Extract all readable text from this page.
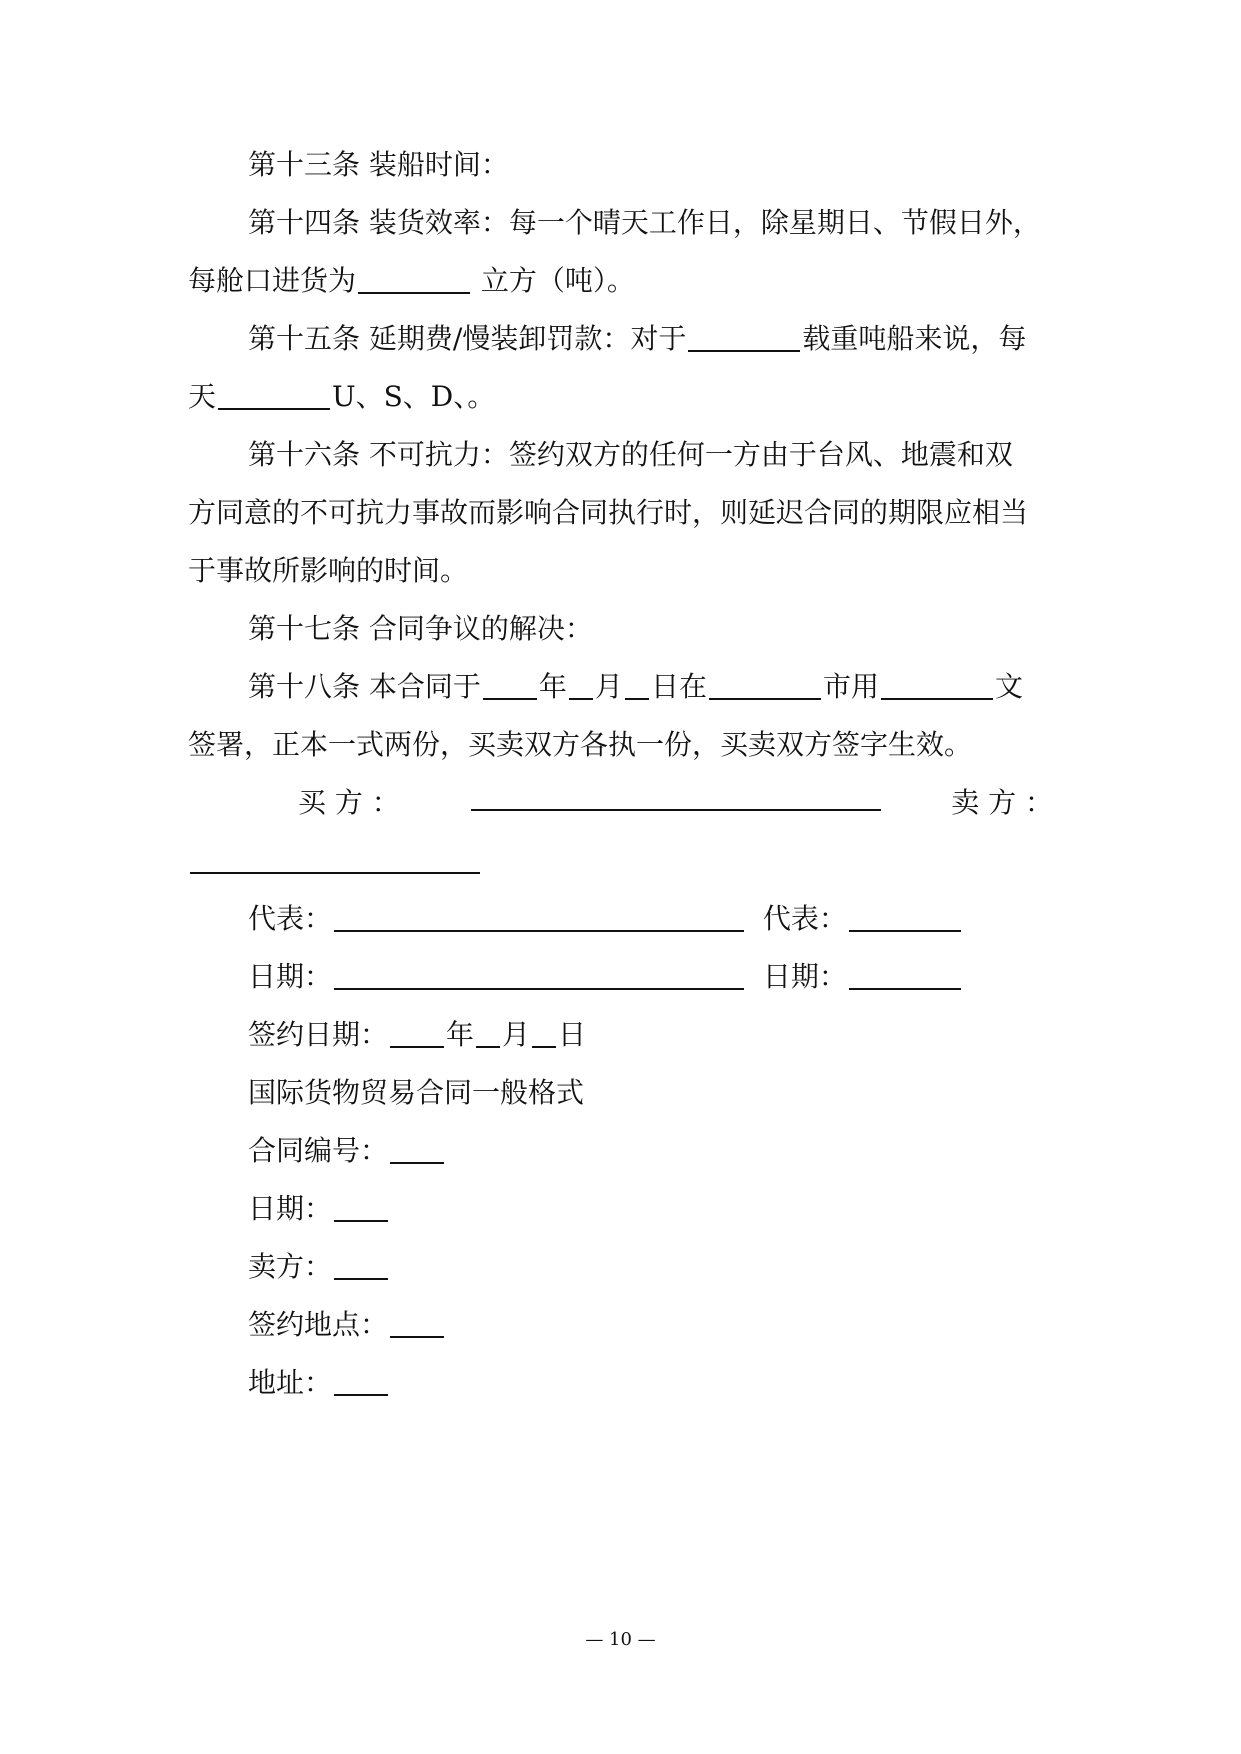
第十三条 装船时间：
第十四条 装货效率：每一个晴天工作日，除星期日、节假日外，
每舱口进货为	立方（吨）。
第十五条 延期费/慢装卸罚款：对于	载重吨船来说，每
天	U、S、D、。
第十六条 不可抗力：签约双方的任何一方由于台风、地震和双
方同意的不可抗力事故而影响合同执行时，则延迟合同的期限应相当
于事故所影响的时间。
第十七条 合同争议的解决：
第十八条 本合同于 年 月 日在	市用	文
签署，正本一式两份，买卖双方各执一份，买卖双方签字生效。
买 方 ：	卖 方 ：
代表：	代表：
日期：	日期：
签约日期： 年 月 日
国际货物贸易合同一般格式
合同编号：
日期：
卖方：
签约地点：
地址：
— 10 —
